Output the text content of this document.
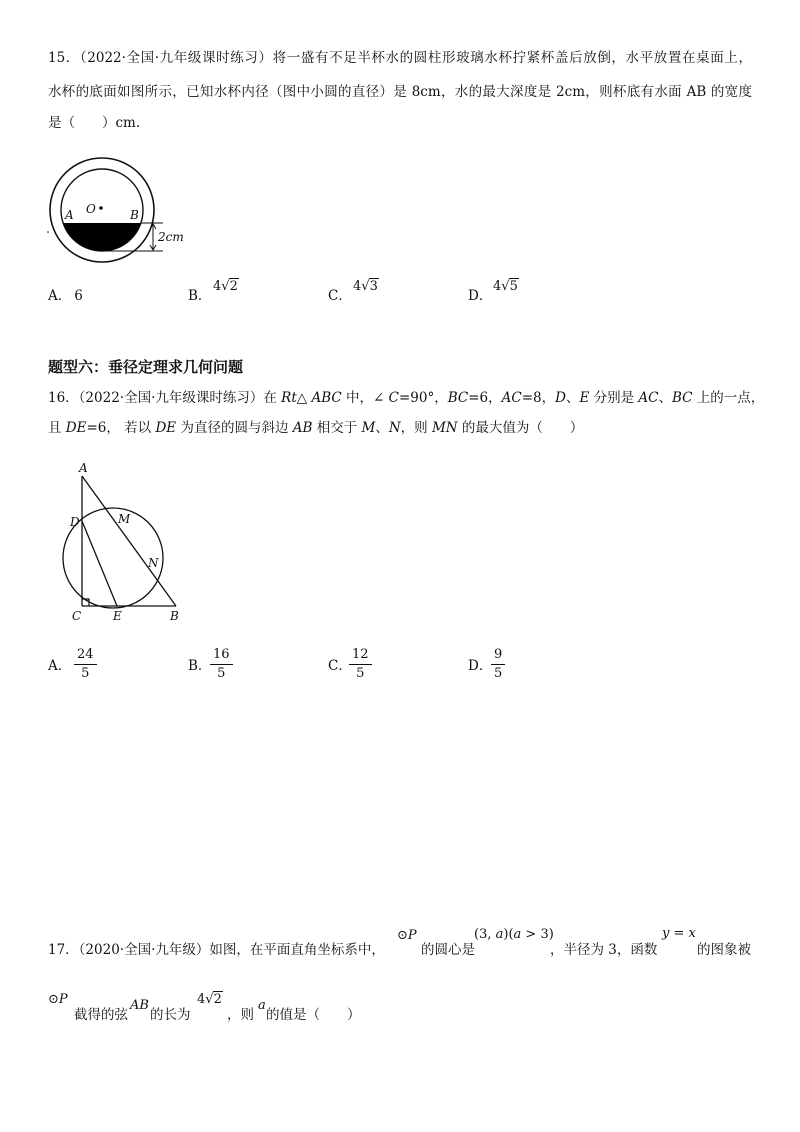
15．（2022·全国·九年级课时练习）将一盛有不足半杯水的圆柱形玻璃水杯拧紧杯盖后放倒，水平放置在桌面上，
水杯的底面如图所示，已知水杯内径（图中小圆的直径）是 8cm，水的最大深度是 2cm，则杯底有水面 AB 的宽度
是（　　）cm.
A O	B
2cm
A． 6	B．
4√2
C．
4√3
D．
4√5
题型六：垂径定理求几何问题
16．（2022·全国·九年级课时练习）在 Rt△ ABC 中，∠ C=90°，BC=6，AC=8，D、E 分别是 AC、BC 上的一点，
且 DE=6， 若以 DE 为直径的圆与斜边 AB 相交于 M、N，则 MN 的最大值为（　　）
A
D	M
N
C	E	B
A． $\frac{24}{5}$	B．
$\frac{16}{5}$	C．
$\frac{12}{5}$	D．
$\frac{9}{5}$
17．（2020·全国·九年级）如图，在平面直角坐标系中，
⊙P
的圆心是
(3, a)(a > 3)
，半径为 3，函数
y = x
的图象被
⊙P
截得的弦
AB
的长为
4√2
，则
a
的值是（　　）
